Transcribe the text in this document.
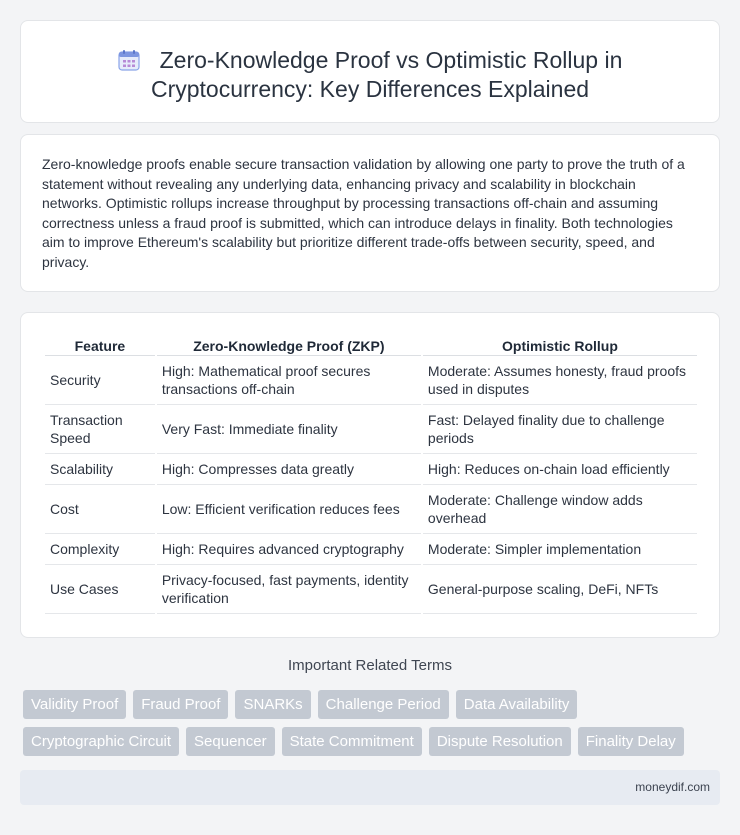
Zero-Knowledge Proof vs Optimistic Rollup in
Cryptocurrency: Key Differences Explained

Zero-knowledge proofs enable secure transaction validation by allowing one party to prove the truth of a statement without revealing any underlying data, enhancing privacy and scalability in blockchain networks. Optimistic rollups increase throughput by processing transactions off-chain and assuming correctness unless a fraud proof is submitted, which can introduce delays in finality. Both technologies aim to improve Ethereum's scalability but prioritize different trade-offs between security, speed, and privacy.

Feature	Zero-Knowledge Proof (ZKP)	Optimistic Rollup
Security	High: Mathematical proof secures transactions off-chain	Moderate: Assumes honesty, fraud proofs used in disputes
Transaction Speed	Very Fast: Immediate finality	Fast: Delayed finality due to challenge periods
Scalability	High: Compresses data greatly	High: Reduces on-chain load efficiently
Cost	Low: Efficient verification reduces fees	Moderate: Challenge window adds overhead
Complexity	High: Requires advanced cryptography	Moderate: Simpler implementation
Use Cases	Privacy-focused, fast payments, identity verification	General-purpose scaling, DeFi, NFTs
Important Related Terms
Validity Proof	Fraud Proof	SNARKs	Challenge Period	Data Availability
Cryptographic Circuit	Sequencer	State Commitment	Dispute Resolution	Finality Delay
moneydif.com
